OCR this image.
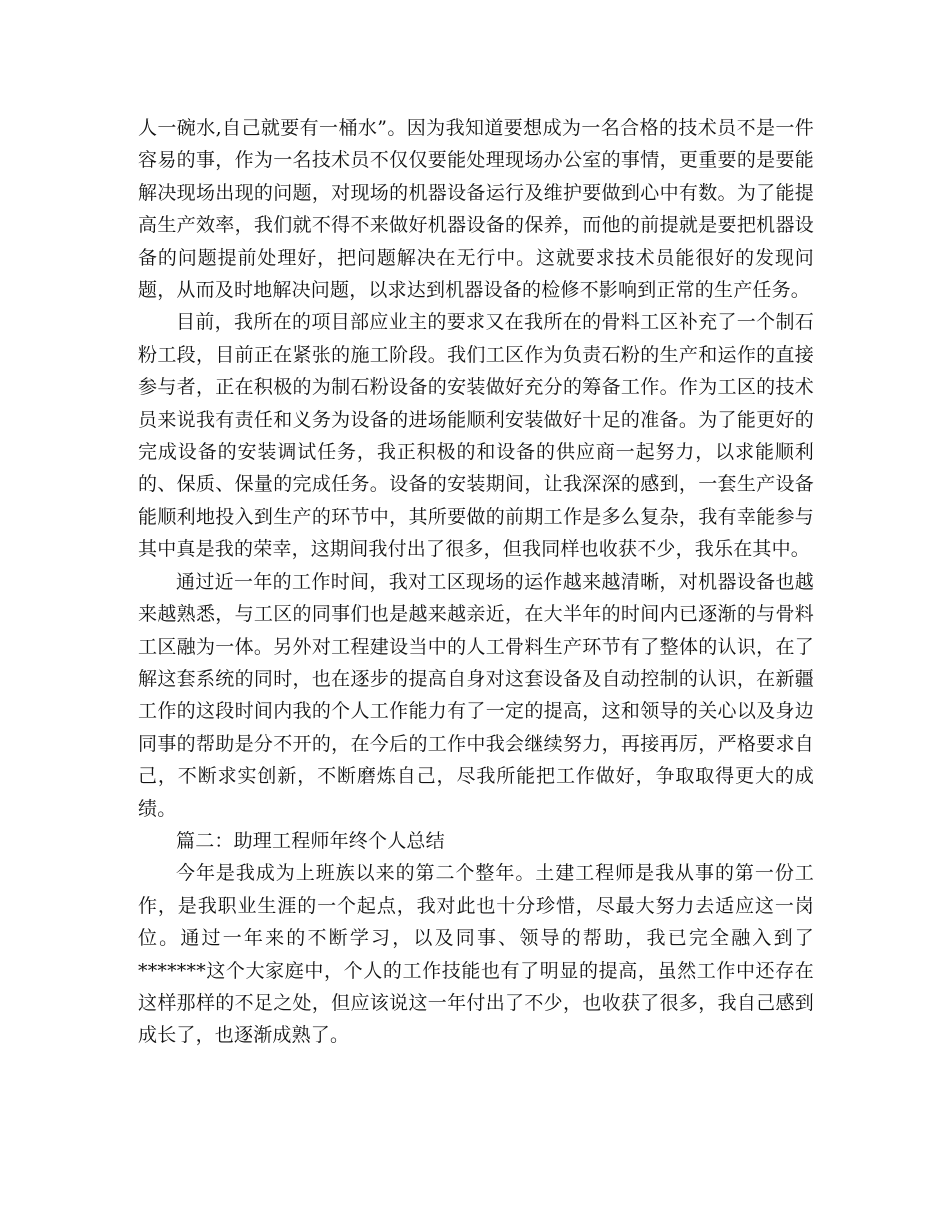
人一碗水,自己就要有一桶水”。因为我知道要想成为一名合格的技术员不是一件容易的事，作为一名技术员不仅仅要能处理现场办公室的事情，更重要的是要能解决现场出现的问题，对现场的机器设备运行及维护要做到心中有数。为了能提高生产效率，我们就不得不来做好机器设备的保养，而他的前提就是要把机器设备的问题提前处理好，把问题解决在无行中。这就要求技术员能很好的发现问题，从而及时地解决问题，以求达到机器设备的检修不影响到正常的生产任务。

目前，我所在的项目部应业主的要求又在我所在的骨料工区补充了一个制石粉工段，目前正在紧张的施工阶段。我们工区作为负责石粉的生产和运作的直接参与者，正在积极的为制石粉设备的安装做好充分的筹备工作。作为工区的技术员来说我有责任和义务为设备的进场能顺利安装做好十足的准备。为了能更好的完成设备的安装调试任务，我正积极的和设备的供应商一起努力，以求能顺利的、保质、保量的完成任务。设备的安装期间，让我深深的感到，一套生产设备能顺利地投入到生产的环节中，其所要做的前期工作是多么复杂，我有幸能参与其中真是我的荣幸，这期间我付出了很多，但我同样也收获不少，我乐在其中。

通过近一年的工作时间，我对工区现场的运作越来越清晰，对机器设备也越来越熟悉，与工区的同事们也是越来越亲近，在大半年的时间内已逐渐的与骨料工区融为一体。另外对工程建设当中的人工骨料生产环节有了整体的认识，在了解这套系统的同时，也在逐步的提高自身对这套设备及自动控制的认识，在新疆工作的这段时间内我的个人工作能力有了一定的提高，这和领导的关心以及身边同事的帮助是分不开的，在今后的工作中我会继续努力，再接再厉，严格要求自己，不断求实创新，不断磨炼自己，尽我所能把工作做好，争取取得更大的成绩。

篇二：助理工程师年终个人总结

今年是我成为上班族以来的第二个整年。土建工程师是我从事的第一份工作，是我职业生涯的一个起点，我对此也十分珍惜，尽最大努力去适应这一岗位。通过一年来的不断学习，以及同事、领导的帮助，我已完全融入到了*******这个大家庭中，个人的工作技能也有了明显的提高，虽然工作中还存在这样那样的不足之处，但应该说这一年付出了不少，也收获了很多，我自己感到成长了，也逐渐成熟了。
